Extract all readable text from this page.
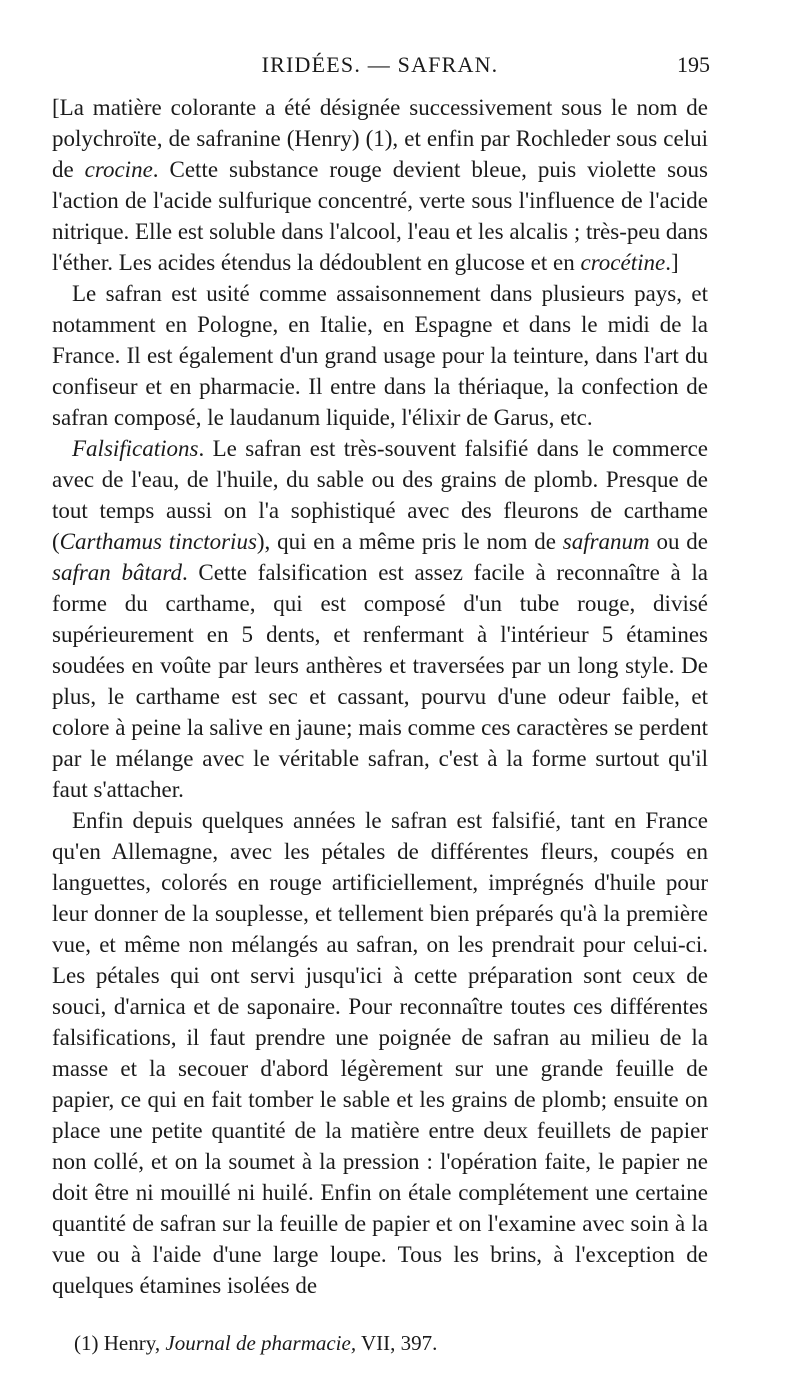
IRIDÉES. — SAFRAN.	195

[La matière colorante a été désignée successivement sous le nom de polychroïte, de safranine (Henry) (1), et enfin par Rochleder sous celui de crocine. Cette substance rouge devient bleue, puis violette sous l'action de l'acide sulfurique concentré, verte sous l'influence de l'acide nitrique. Elle est soluble dans l'alcool, l'eau et les alcalis ; très-peu dans l'éther. Les acides étendus la dédoublent en glucose et en crocétine.]

Le safran est usité comme assaisonnement dans plusieurs pays, et notamment en Pologne, en Italie, en Espagne et dans le midi de la France. Il est également d'un grand usage pour la teinture, dans l'art du confiseur et en pharmacie. Il entre dans la thériaque, la confection de safran composé, le laudanum liquide, l'élixir de Garus, etc.

Falsifications. Le safran est très-souvent falsifié dans le commerce avec de l'eau, de l'huile, du sable ou des grains de plomb. Presque de tout temps aussi on l'a sophistiqué avec des fleurons de carthame (Carthamus tinctorius), qui en a même pris le nom de safranum ou de safran bâtard. Cette falsification est assez facile à reconnaître à la forme du carthame, qui est composé d'un tube rouge, divisé supérieurement en 5 dents, et renfermant à l'intérieur 5 étamines soudées en voûte par leurs anthères et traversées par un long style. De plus, le carthame est sec et cassant, pourvu d'une odeur faible, et colore à peine la salive en jaune; mais comme ces caractères se perdent par le mélange avec le véritable safran, c'est à la forme surtout qu'il faut s'attacher.

Enfin depuis quelques années le safran est falsifié, tant en France qu'en Allemagne, avec les pétales de différentes fleurs, coupés en languettes, colorés en rouge artificiellement, imprégnés d'huile pour leur donner de la souplesse, et tellement bien préparés qu'à la première vue, et même non mélangés au safran, on les prendrait pour celui-ci. Les pétales qui ont servi jusqu'ici à cette préparation sont ceux de souci, d'arnica et de saponaire. Pour reconnaître toutes ces différentes falsifications, il faut prendre une poignée de safran au milieu de la masse et la secouer d'abord légèrement sur une grande feuille de papier, ce qui en fait tomber le sable et les grains de plomb; ensuite on place une petite quantité de la matière entre deux feuillets de papier non collé, et on la soumet à la pression : l'opération faite, le papier ne doit être ni mouillé ni huilé. Enfin on étale complétement une certaine quantité de safran sur la feuille de papier et on l'examine avec soin à la vue ou à l'aide d'une large loupe. Tous les brins, à l'exception de quelques étamines isolées de

(1) Henry, Journal de pharmacie, VII, 397.
